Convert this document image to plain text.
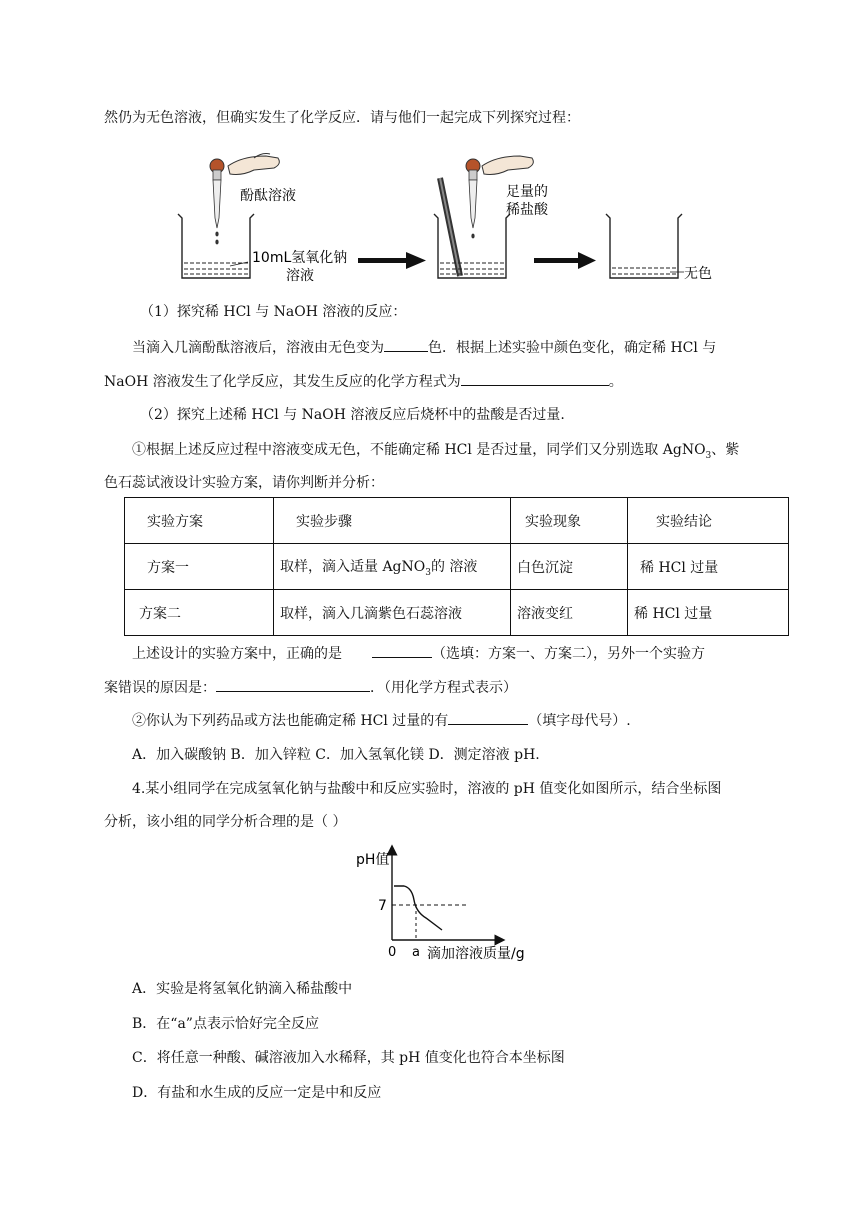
然仍为无色溶液，但确实发生了化学反应．请与他们一起完成下列探究过程：
酚酞溶液
10mL氢氧化钠
溶液
足量的
稀盐酸
无色
（1）探究稀 HCl 与 NaOH 溶液的反应：
当滴入几滴酚酞溶液后，溶液由无色变为	色．根据上述实验中颜色变化，确定稀 HCl 与
NaOH 溶液发生了化学反应，其发生反应的化学方程式为	。
（2）探究上述稀 HCl 与 NaOH 溶液反应后烧杯中的盐酸是否过量.
①根据上述反应过程中溶液变成无色，不能确定稀 HCl 是否过量，同学们又分别选取 AgNO$_3$、紫
色石蕊试液设计实验方案，请你判断并分析：
实验方案	实验步骤	实验现象	实验结论
方案一	取样，滴入适量 AgNO$_3$的 溶液	白色沉淀	稀 HCl 过量
方案二	取样，滴入几滴紫色石蕊溶液	溶液变红	稀 HCl 过量
上述设计的实验方案中，正确的是	（选填：方案一、方案二），另外一个实验方
案错误的原因是：	．（用化学方程式表示）
②你认为下列药品或方法也能确定稀 HCl 过量的有	（填字母代号）.
A．加入碳酸钠 B．加入锌粒 C．加入氢氧化镁 D．测定溶液 pH.
4.某小组同学在完成氢氧化钠与盐酸中和反应实验时，溶液的 pH 值变化如图所示，结合坐标图
分析，该小组的同学分析合理的是（ ）
pH值
7
0 a 滴加溶液质量/g
A．实验是将氢氧化钠滴入稀盐酸中
B．在“a”点表示恰好完全反应
C．将任意一种酸、碱溶液加入水稀释，其 pH 值变化也符合本坐标图
D．有盐和水生成的反应一定是中和反应
